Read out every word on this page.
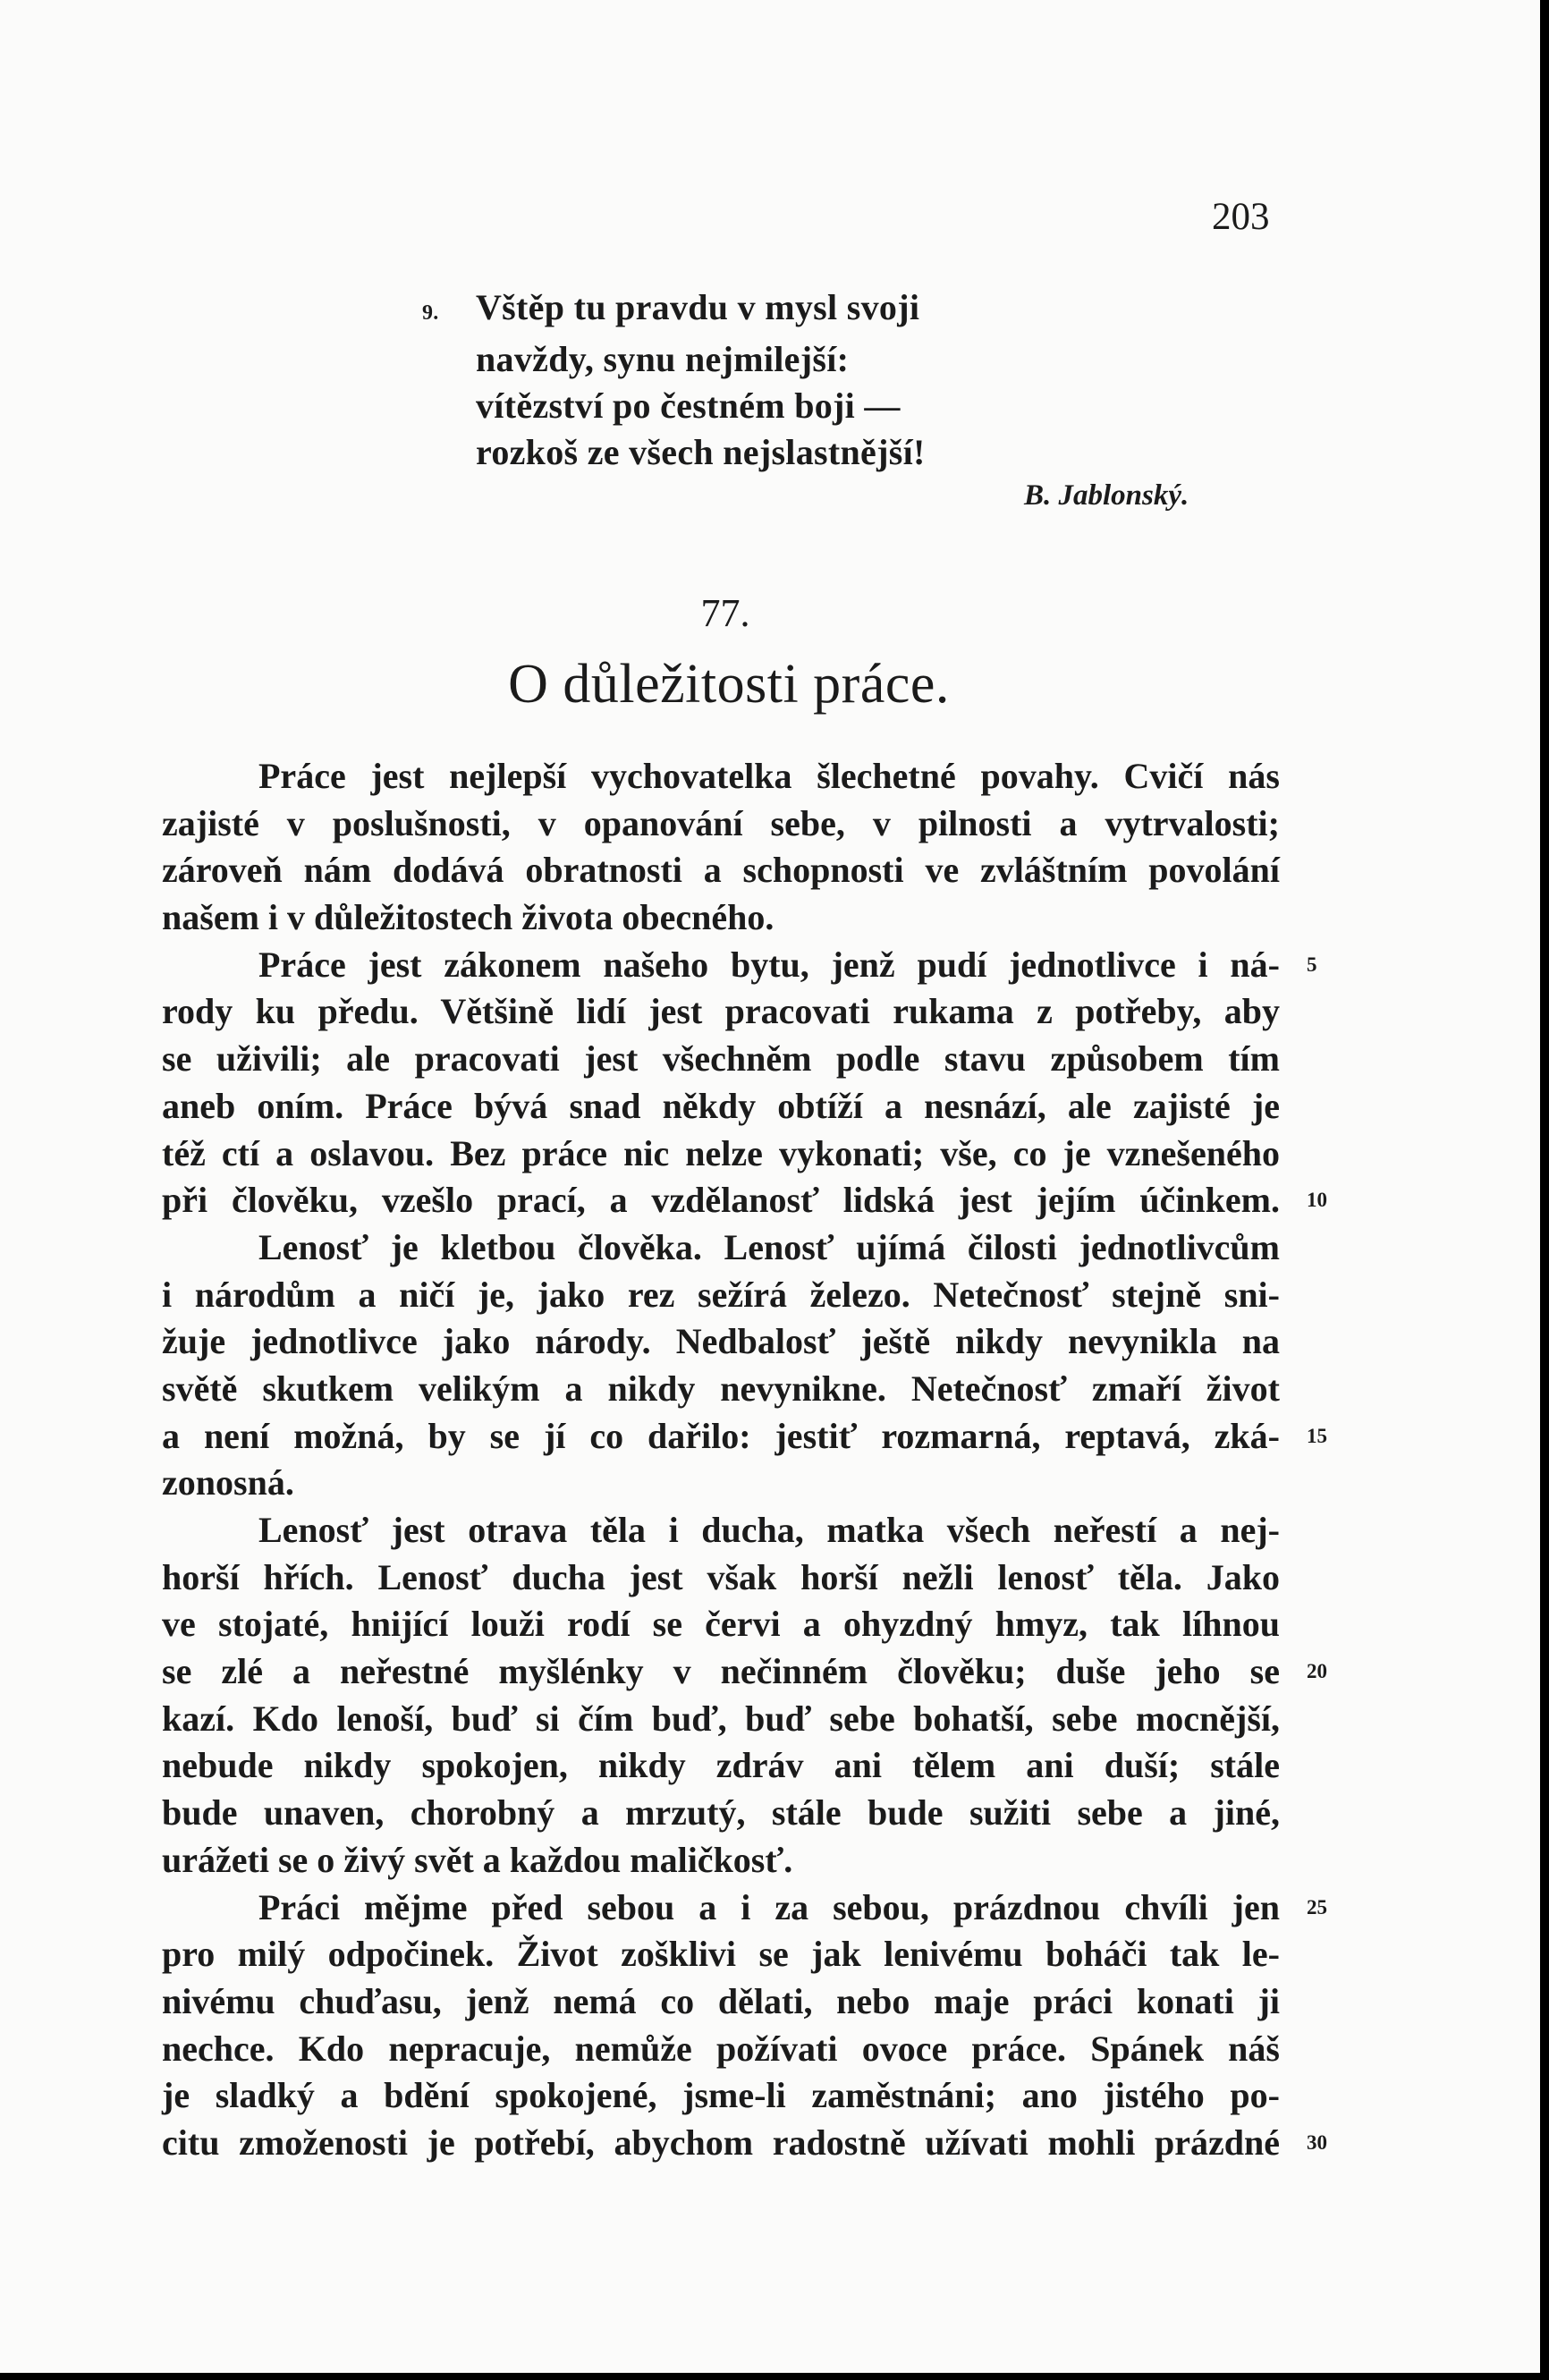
203
9. Vštěp tu pravdu v mysl svoji
navždy, synu nejmilejší:
vítězství po čestném boji —
rozkoš ze všech nejslastnější!
B. Jablonský.
77.
O důležitosti práce.
Práce jest nejlepší vychovatelka šlechetné povahy. Cvičí nás
zajisté v poslušnosti, v opanování sebe, v pilnosti a vytrvalosti;
zároveň nám dodává obratnosti a schopnosti ve zvláštním povolání
našem i v důležitostech života obecného.
Práce jest zákonem našeho bytu, jenž pudí jednotlivce i ná- 5
rody ku předu. Většině lidí jest pracovati rukama z potřeby, aby
se uživili; ale pracovati jest všechněm podle stavu způsobem tím
aneb oním. Práce bývá snad někdy obtíží a nesnází, ale zajisté je
též ctí a oslavou. Bez práce nic nelze vykonati; vše, co je vznešeného
při člověku, vzešlo prací, a vzdělanosť lidská jest jejím účinkem. 10
Lenosť je kletbou člověka. Lenosť ujímá čilosti jednotlivcům
i národům a ničí je, jako rez sežírá železo. Netečnosť stejně sni-
žuje jednotlivce jako národy. Nedbalosť ještě nikdy nevynikla na
světě skutkem velikým a nikdy nevynikne. Netečnosť zmaří život
a není možná, by se jí co dařilo: jestiť rozmarná, reptavá, zká- 15
zonosná.
Lenosť jest otrava těla i ducha, matka všech neřestí a nej-
horší hřích. Lenosť ducha jest však horší nežli lenosť těla. Jako
ve stojaté, hnijící louži rodí se červi a ohyzdný hmyz, tak líhnou
se zlé a neřestné myšlénky v nečinném člověku; duše jeho se 20
kazí. Kdo lenoší, buď si čím buď, buď sebe bohatší, sebe mocnější,
nebude nikdy spokojen, nikdy zdráv ani tělem ani duší; stále
bude unaven, chorobný a mrzutý, stále bude sužiti sebe a jiné,
urážeti se o živý svět a každou maličkosť.
Práci mějme před sebou a i za sebou, prázdnou chvíli jen 25
pro milý odpočinek. Život zošklivi se jak lenivému boháči tak le-
nivému chuďasu, jenž nemá co dělati, nebo maje práci konati ji
nechce. Kdo nepracuje, nemůže požívati ovoce práce. Spánek náš
je sladký a bdění spokojené, jsme-li zaměstnáni; ano jistého po-
citu zmoženosti je potřebí, abychom radostně užívati mohli prázdné 30
